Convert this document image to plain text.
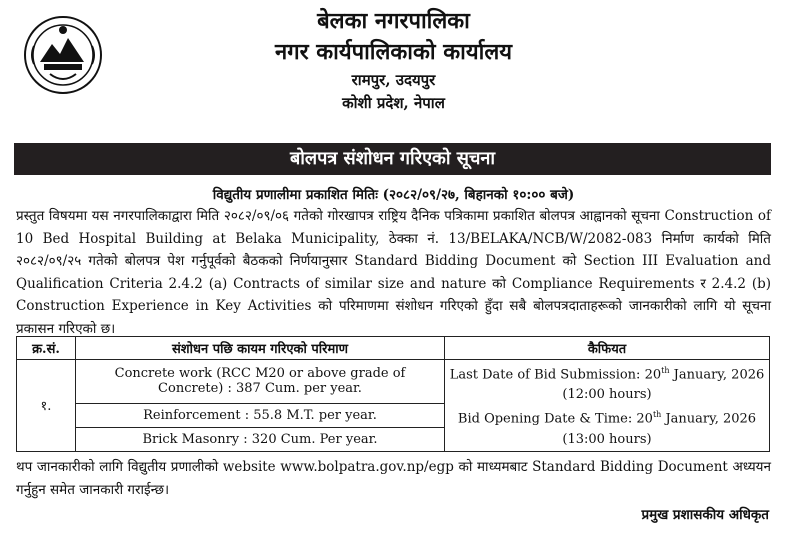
बेलका नगरपालिका
नगर कार्यपालिकाको कार्यालय
रामपुर, उदयपुर
कोशी प्रदेश, नेपाल
बोलपत्र संशोधन गरिएको सूचना
विद्युतीय प्रणालीमा प्रकाशित मितिः (२०८२/०९/२७, बिहानको १०:०० बजे)
प्रस्तुत विषयमा यस नगरपालिकाद्वारा मिति २०८२/०९/०६ गतेको गोरखापत्र राष्ट्रिय दैनिक पत्रिकामा प्रकाशित बोलपत्र आह्वानको सूचना Construction of 10 Bed Hospital Building at Belaka Municipality, ठेक्का नं. 13/BELAKA/NCB/W/2082-083 निर्माण कार्यको मिति २०८२/०९/२५ गतेको बोलपत्र पेश गर्नुपूर्वको बैठकको निर्णयानुसार Standard Bidding Document को Section III Evaluation and Qualification Criteria 2.4.2 (a) Contracts of similar size and nature को Compliance Requirements र 2.4.2 (b) Construction Experience in Key Activities को परिमाणमा संशोधन गरिएको हुँदा सबै बोलपत्रदाताहरूको जानकारीको लागि यो सूचना प्रकासन गरिएको छ।
क्र.सं.	संशोधन पछि कायम गरिएको परिमाण	कैफियत
१.	Concrete work (RCC M20 or above grade of Concrete) : 387 Cum. per year.	Last Date of Bid Submission: 20th January, 2026
(12:00 hours)
Bid Opening Date & Time: 20th January, 2026
(13:00 hours)

	Reinforcement : 55.8 M.T. per year.	
	Brick Masonry : 320 Cum. Per year.	
थप जानकारीको लागि विद्युतीय प्रणालीको website www.bolpatra.gov.np/egp को माध्यमबाट Standard Bidding Document अध्ययन गर्नुहुन समेत जानकारी गराईन्छ।
प्रमुख प्रशासकीय अधिकृत
